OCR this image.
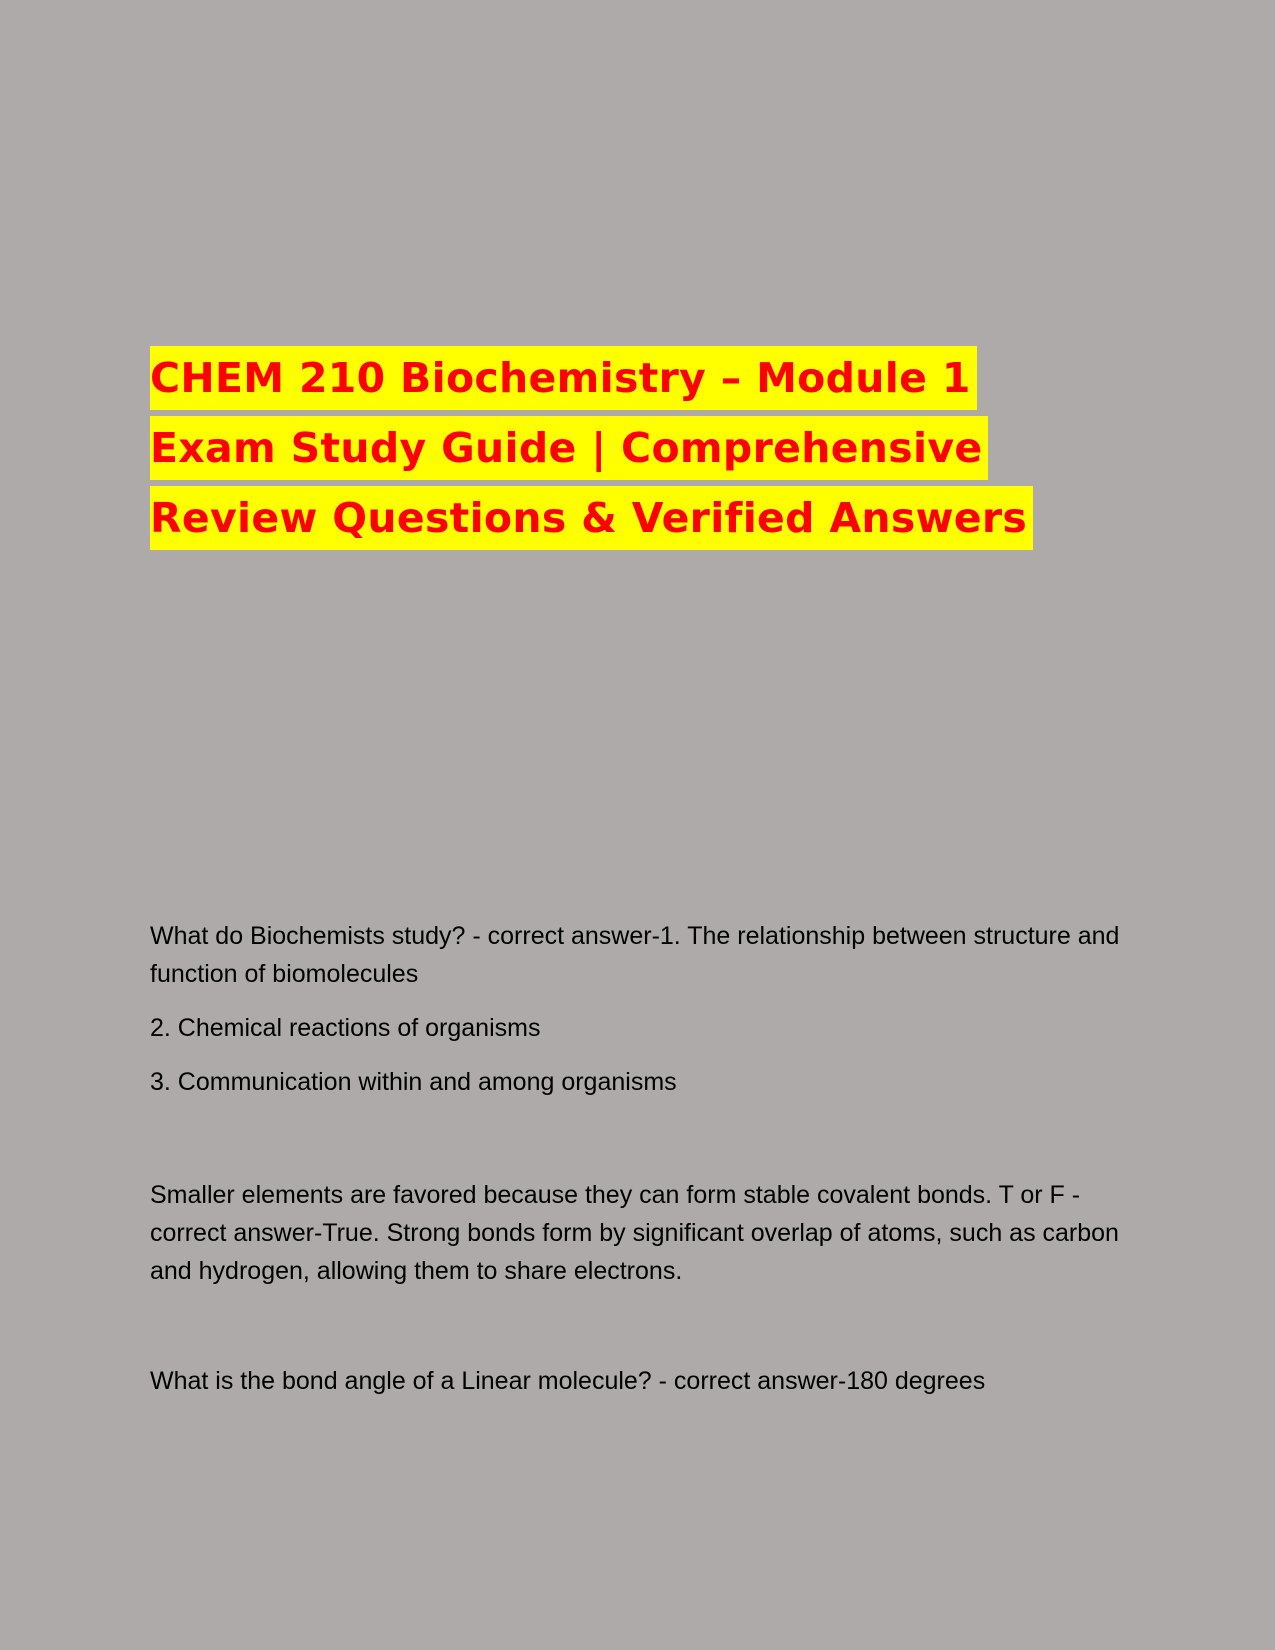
CHEM 210 Biochemistry – Module 1
Exam Study Guide | Comprehensive
Review Questions & Verified Answers

What do Biochemists study? - correct answer-1. The relationship between structure and function of biomolecules

2. Chemical reactions of organisms

3. Communication within and among organisms

Smaller elements are favored because they can form stable covalent bonds. T or F - correct answer-True. Strong bonds form by significant overlap of atoms, such as carbon and hydrogen, allowing them to share electrons.

What is the bond angle of a Linear molecule? - correct answer-180 degrees
